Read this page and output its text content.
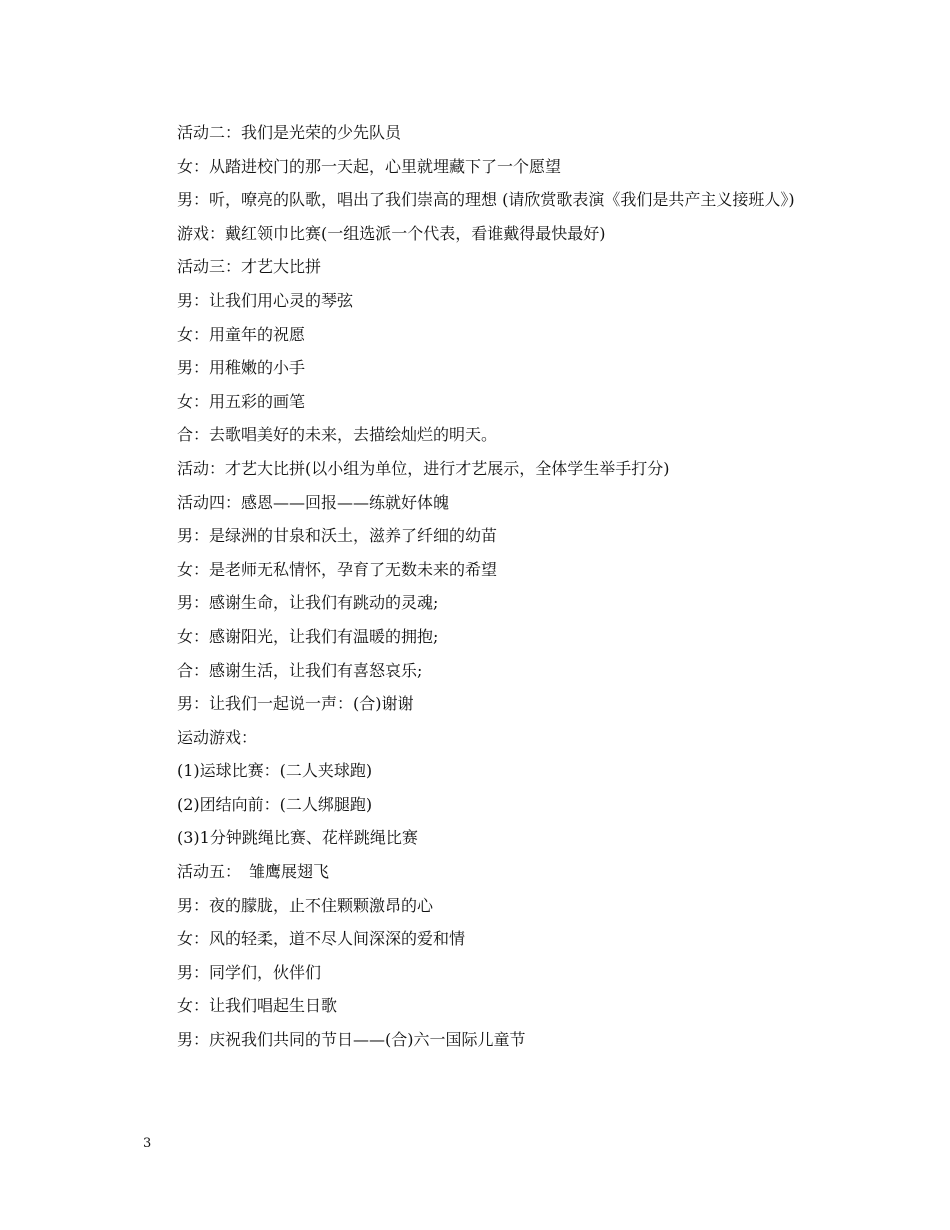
活动二：我们是光荣的少先队员
女：从踏进校门的那一天起，心里就埋藏下了一个愿望
男：听，嘹亮的队歌，唱出了我们崇高的理想 (请欣赏歌表演《我们是共产主义接班人》)
游戏：戴红领巾比赛(一组选派一个代表，看谁戴得最快最好)
活动三：才艺大比拼
男：让我们用心灵的琴弦
女：用童年的祝愿
男：用稚嫩的小手
女：用五彩的画笔
合：去歌唱美好的未来，去描绘灿烂的明天。
活动：才艺大比拼(以小组为单位，进行才艺展示，全体学生举手打分)
活动四：感恩——回报——练就好体魄
男：是绿洲的甘泉和沃土，滋养了纤细的幼苗
女：是老师无私情怀，孕育了无数未来的希望
男：感谢生命，让我们有跳动的灵魂;
女：感谢阳光，让我们有温暖的拥抱;
合：感谢生活，让我们有喜怒哀乐;
男：让我们一起说一声：(合)谢谢
运动游戏：
(1)运球比赛：(二人夹球跑)
(2)团结向前：(二人绑腿跑)
(3)1分钟跳绳比赛、花样跳绳比赛
活动五：　雏鹰展翅飞
男：夜的朦胧，止不住颗颗激昂的心
女：风的轻柔，道不尽人间深深的爱和情
男：同学们，伙伴们
女：让我们唱起生日歌
男：庆祝我们共同的节日——(合)六一国际儿童节
3
